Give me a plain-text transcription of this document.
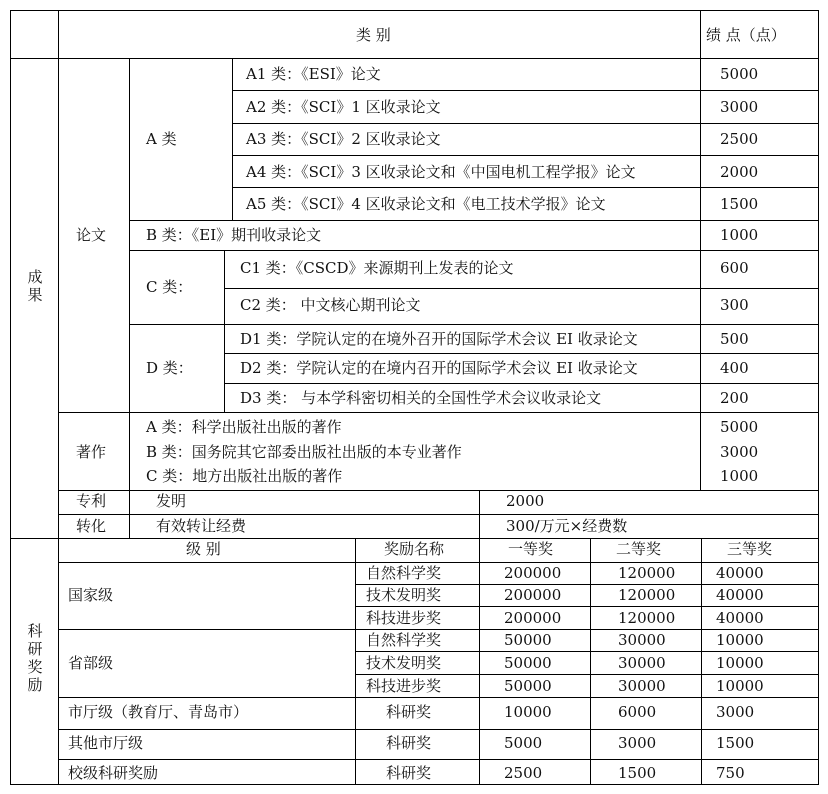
类 别	绩 点（点）
成果
论文
A 类
A1 类：《ESI》论文	5000
A2 类：《SCI》1 区收录论文	3000
A3 类：《SCI》2 区收录论文	2500
A4 类：《SCI》3 区收录论文和《中国电机工程学报》论文	2000
A5 类：《SCI》4 区收录论文和《电工技术学报》论文	1500
B 类：《EI》期刊收录论文	1000
C 类：
C1 类：《CSCD》来源期刊上发表的论文	600
C2 类： 中文核心期刊论文	300
D 类：
D1 类：学院认定的在境外召开的国际学术会议 EI 收录论文	500
D2 类：学院认定的在境内召开的国际学术会议 EI 收录论文	400
D3 类： 与本学科密切相关的全国性学术会议收录论文	200
著作
A 类：科学出版社出版的著作	5000
B 类：国务院其它部委出版社出版的本专业著作	3000
C 类：地方出版社出版的著作	1000
专利	发明	2000
转化	有效转让经费	300/万元×经费数
科研奖励
级 别	奖励名称	一等奖	二等奖	三等奖
国家级
自然科学奖	200000	120000	40000
技术发明奖	200000	120000	40000
科技进步奖	200000	120000	40000
省部级
自然科学奖	50000	30000	10000
技术发明奖	50000	30000	10000
科技进步奖	50000	30000	10000
市厅级（教育厅、青岛市）	科研奖	10000	6000	3000
其他市厅级	科研奖	5000	3000	1500
校级科研奖励	科研奖	2500	1500	750
